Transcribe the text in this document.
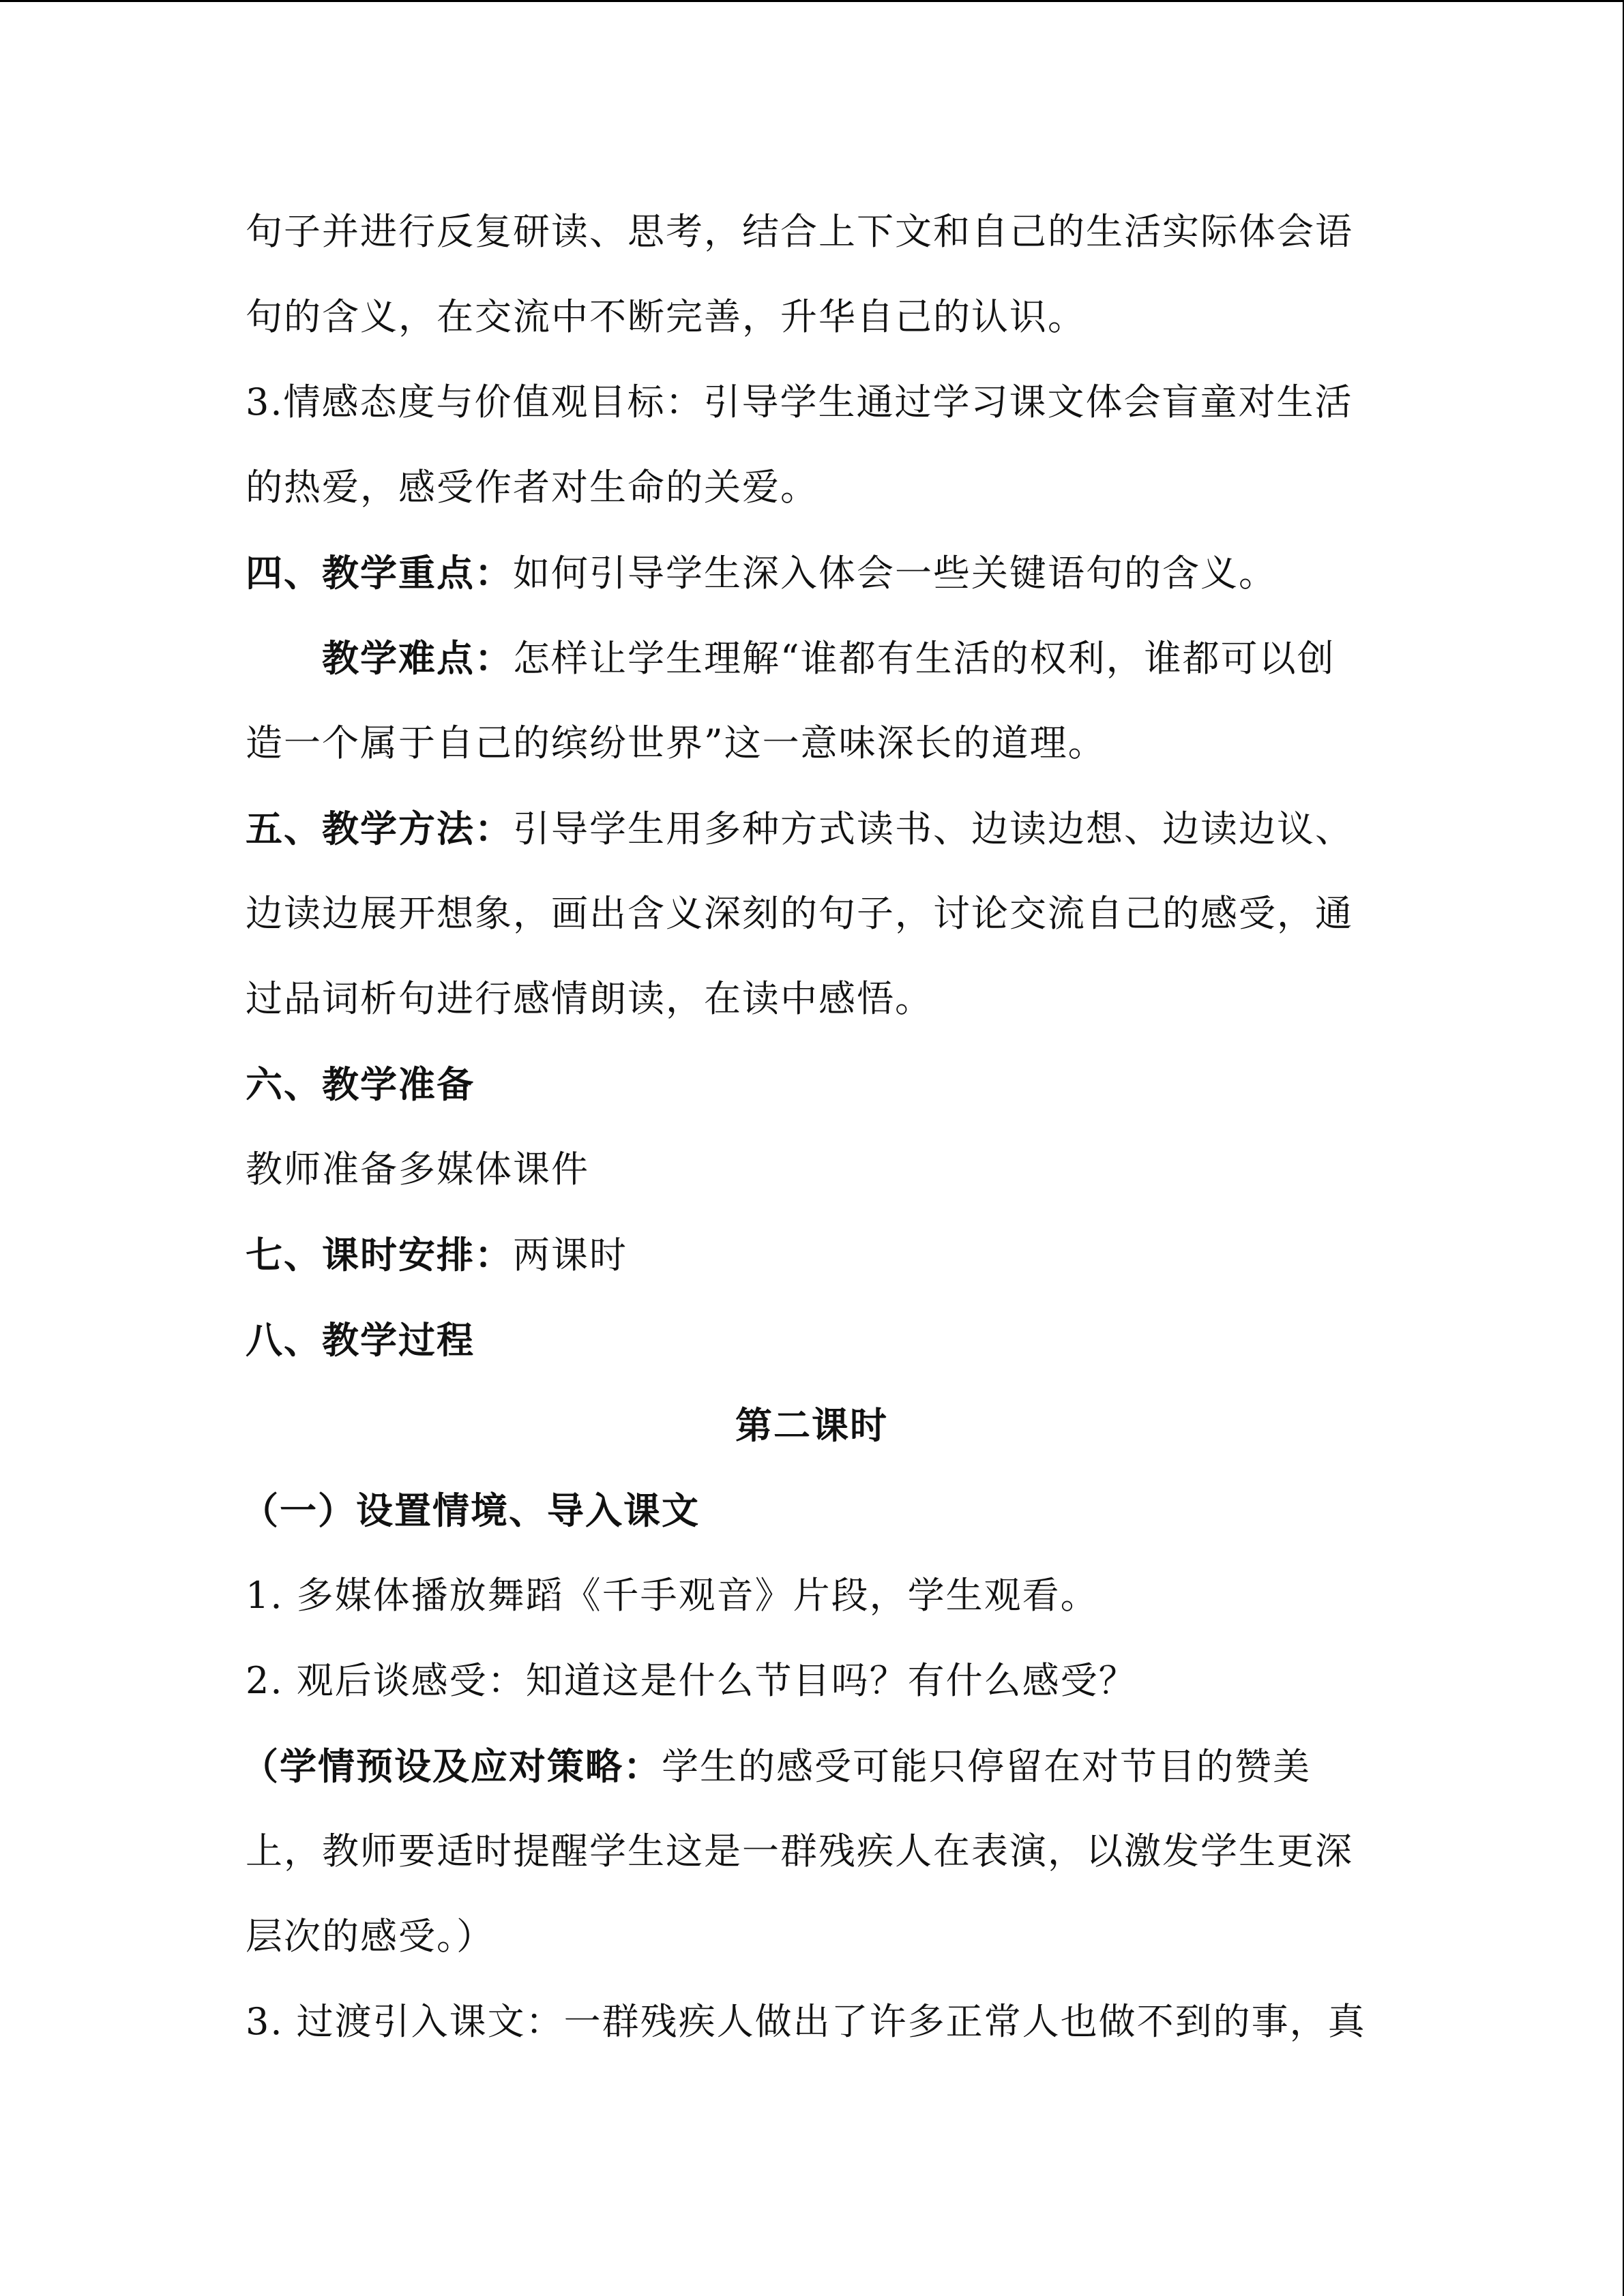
句子并进行反复研读、思考，结合上下文和自己的生活实际体会语
句的含义，在交流中不断完善，升华自己的认识。
3.情感态度与价值观目标：引导学生通过学习课文体会盲童对生活
的热爱，感受作者对生命的关爱。
四、教学重点：如何引导学生深入体会一些关键语句的含义。
教学难点：怎样让学生理解“谁都有生活的权利，谁都可以创
造一个属于自己的缤纷世界”这一意味深长的道理。
五、教学方法：引导学生用多种方式读书、边读边想、边读边议、
边读边展开想象，画出含义深刻的句子，讨论交流自己的感受，通
过品词析句进行感情朗读，在读中感悟。
六、教学准备
教师准备多媒体课件
七、课时安排：两课时
八、教学过程
第二课时
（一）设置情境、导入课文
1. 多媒体播放舞蹈《千手观音》片段，学生观看。
2. 观后谈感受：知道这是什么节目吗？有什么感受？
（学情预设及应对策略：学生的感受可能只停留在对节目的赞美
上，教师要适时提醒学生这是一群残疾人在表演，以激发学生更深
层次的感受。）
3. 过渡引入课文：一群残疾人做出了许多正常人也做不到的事，真
